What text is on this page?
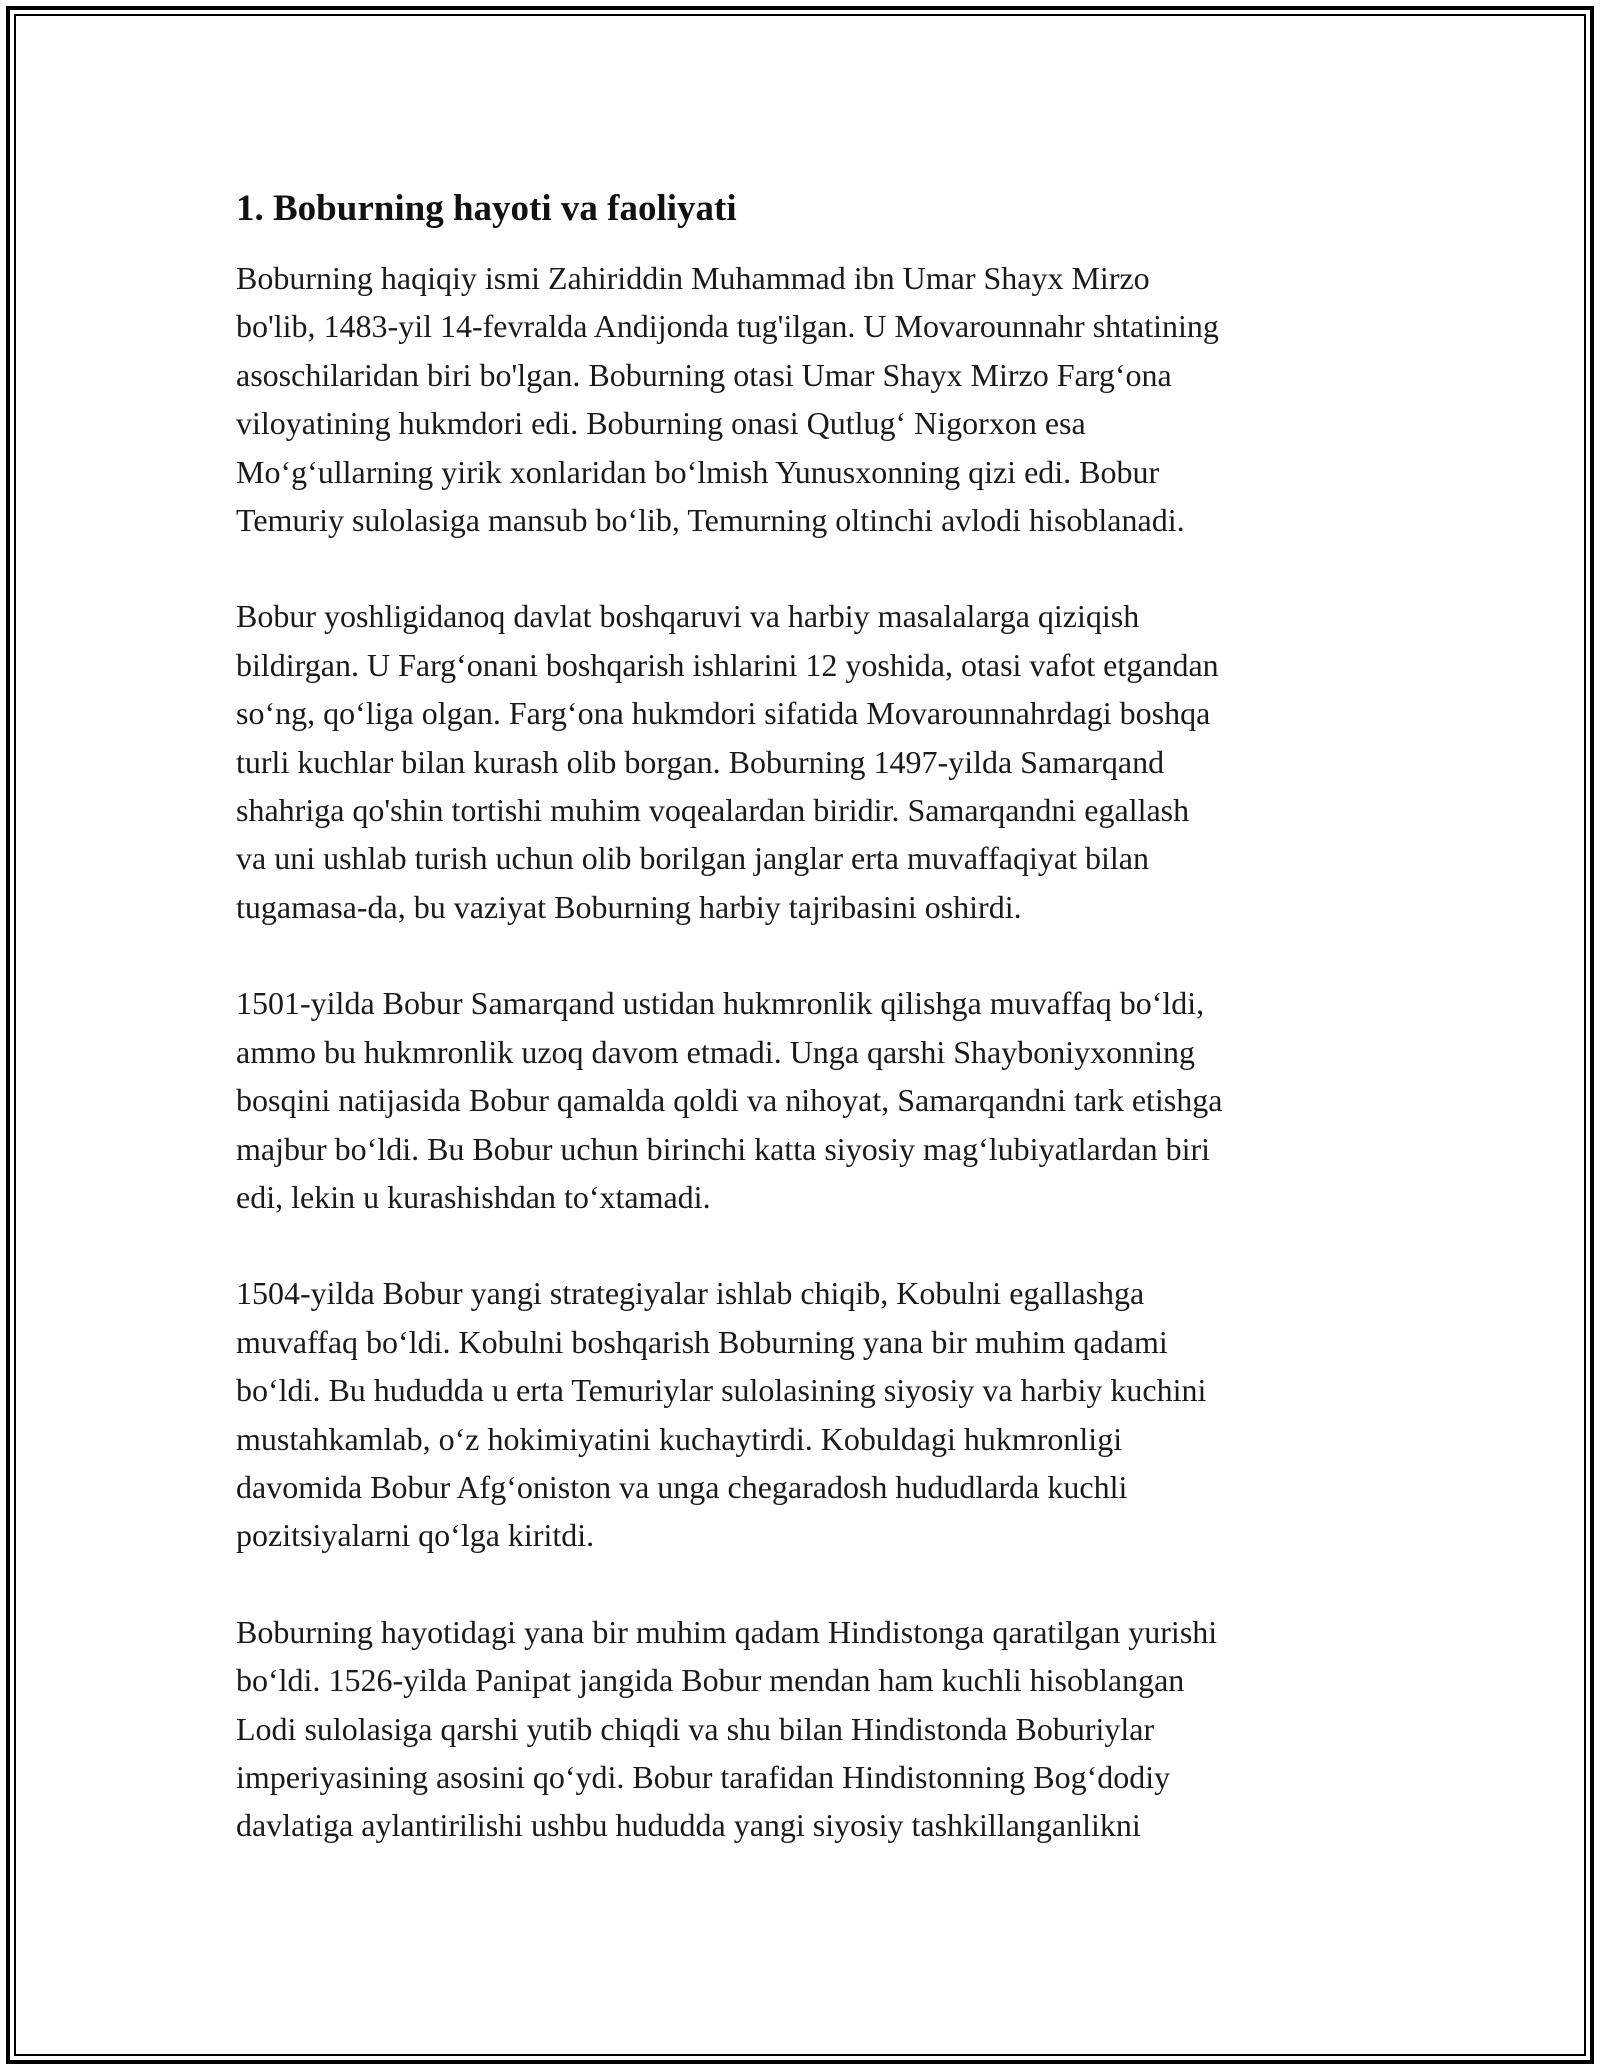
1. Boburning hayoti va faoliyati

Boburning haqiqiy ismi Zahiriddin Muhammad ibn Umar Shayx Mirzo
bo'lib, 1483-yil 14-fevralda Andijonda tug'ilgan. U Movarounnahr shtatining
asoschilaridan biri bo'lgan. Boburning otasi Umar Shayx Mirzo Farg‘ona
viloyatining hukmdori edi. Boburning onasi Qutlug‘ Nigorxon esa
Mo‘g‘ullarning yirik xonlaridan bo‘lmish Yunusxonning qizi edi. Bobur
Temuriy sulolasiga mansub bo‘lib, Temurning oltinchi avlodi hisoblanadi.

Bobur yoshligidanoq davlat boshqaruvi va harbiy masalalarga qiziqish
bildirgan. U Farg‘onani boshqarish ishlarini 12 yoshida, otasi vafot etgandan
so‘ng, qo‘liga olgan. Farg‘ona hukmdori sifatida Movarounnahrdagi boshqa
turli kuchlar bilan kurash olib borgan. Boburning 1497-yilda Samarqand
shahriga qo'shin tortishi muhim voqealardan biridir. Samarqandni egallash
va uni ushlab turish uchun olib borilgan janglar erta muvaffaqiyat bilan
tugamasa-da, bu vaziyat Boburning harbiy tajribasini oshirdi.

1501-yilda Bobur Samarqand ustidan hukmronlik qilishga muvaffaq bo‘ldi,
ammo bu hukmronlik uzoq davom etmadi. Unga qarshi Shayboniyxonning
bosqini natijasida Bobur qamalda qoldi va nihoyat, Samarqandni tark etishga
majbur bo‘ldi. Bu Bobur uchun birinchi katta siyosiy mag‘lubiyatlardan biri
edi, lekin u kurashishdan to‘xtamadi.

1504-yilda Bobur yangi strategiyalar ishlab chiqib, Kobulni egallashga
muvaffaq bo‘ldi. Kobulni boshqarish Boburning yana bir muhim qadami
bo‘ldi. Bu hududda u erta Temuriylar sulolasining siyosiy va harbiy kuchini
mustahkamlab, o‘z hokimiyatini kuchaytirdi. Kobuldagi hukmronligi
davomida Bobur Afg‘oniston va unga chegaradosh hududlarda kuchli
pozitsiyalarni qo‘lga kiritdi.

Boburning hayotidagi yana bir muhim qadam Hindistonga qaratilgan yurishi
bo‘ldi. 1526-yilda Panipat jangida Bobur mendan ham kuchli hisoblangan
Lodi sulolasiga qarshi yutib chiqdi va shu bilan Hindistonda Boburiylar
imperiyasining asosini qo‘ydi. Bobur tarafidan Hindistonning Bog‘dodiy
davlatiga aylantirilishi ushbu hududda yangi siyosiy tashkillanganlikni
